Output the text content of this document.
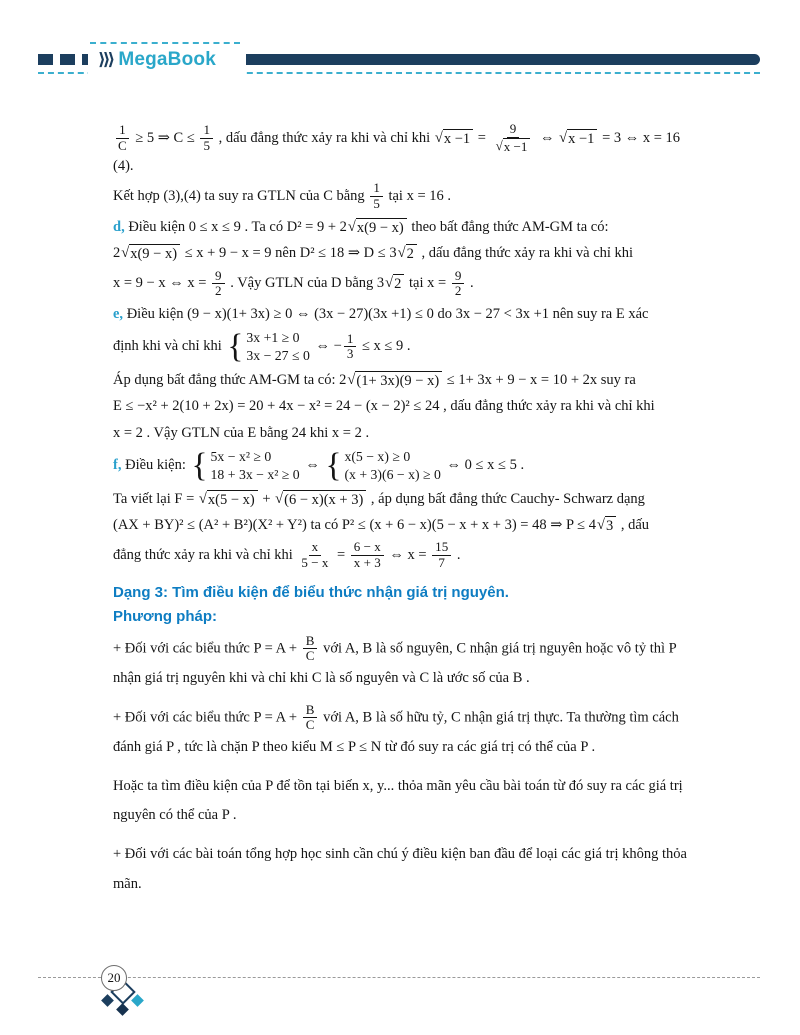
⟩⟩⟩ MegaBook
$\frac{1}{C} \ge 5$ ⇒ $C \le \frac{1}{5}$ , dấu đẳng thức xảy ra khi và chỉ khi √ $x -1 = \frac{9}{√ x -1}$ ⇔ √ x −1 = 3 ⇔ x = 16 (4).
Kết hợp (3),(4) ta suy ra GTLN của C bằng $\frac{1}{5}$ tại x = 16 .
d, Điều kiện 0 ≤ x ≤ 9 . Ta có D² = 9 + 2 √ x(9 − x) theo bất đẳng thức AM-GM ta có:
2 √ x(9 − x) ≤ x + 9 − x = 9 nên D² ≤ 18 ⇒ D ≤ 3 √ 2 , dấu đẳng thức xảy ra khi và chỉ khi
x = 9 − x ⇔ $x = \frac{9}{2}$ . Vậy GTLN của D bằng 3 √ 2 tại $x = \frac{9}{2}$ .
e, Điều kiện (9 − x)(1+ 3x) ≥ 0 ⇔ (3x − 27)(3x +1) ≤ 0 do 3x − 27 < 3x +1 nên suy ra E xác
định khi và chỉ khi { 3x +1 ≥ 0
3x − 27 ≤ 0
⇔ − $\frac{1}{3} \le x \le 9$ .
Áp dụng bất đẳng thức AM-GM ta có: 2 √ (1+ 3x)(9 − x) ≤ 1+ 3x + 9 − x = 10 + 2x suy ra
E ≤ −x² + 2(10 + 2x) = 20 + 4x − x² = 24 − (x − 2)² ≤ 24 , dấu đẳng thức xảy ra khi và chỉ khi
x = 2 . Vậy GTLN của E bằng 24 khi x = 2 .
f, Điều kiện: { 5x − x² ≥ 0
18 + 3x − x² ≥ 0
⇔ { x(5 − x) ≥ 0
(x + 3)(6 − x) ≥ 0
⇔ 0 ≤ x ≤ 5 .
Ta viết lại F = √ x(5 − x) + √ (6 − x)(x + 3) , áp dụng bất đẳng thức Cauchy- Schwarz dạng
(AX + BY)² ≤ (A² + B²)(X² + Y²) ta có P² ≤ (x + 6 − x)(5 − x + x + 3) = 48 ⇒ P ≤ 4 √ 3 , dấu
đẳng thức xảy ra khi và chỉ khi $\frac{x}{5 - x} = \frac{6 - x}{x + 3}$ ⇔ $x = \frac{15}{7}$ .
Dạng 3: Tìm điều kiện để biểu thức nhận giá trị nguyên.
Phương pháp:
+ Đối với các biểu thức $P = A + \frac{B}{C}$ với A, B là số nguyên, C nhận giá trị nguyên hoặc vô tỷ thì P nhận giá trị nguyên khi và chỉ khi C là số nguyên và C là ước số của B .
+ Đối với các biểu thức $P = A + \frac{B}{C}$ với A, B là số hữu tỷ, C nhận giá trị thực. Ta thường tìm cách đánh giá P , tức là chặn P theo kiểu M ≤ P ≤ N từ đó suy ra các giá trị có thể của P .
Hoặc ta tìm điều kiện của P để tồn tại biến x, y... thỏa mãn yêu cầu bài toán từ đó suy ra các giá trị nguyên có thể của P .
+ Đối với các bài toán tổng hợp học sinh cần chú ý điều kiện ban đầu để loại các giá trị không thỏa mãn.
20
